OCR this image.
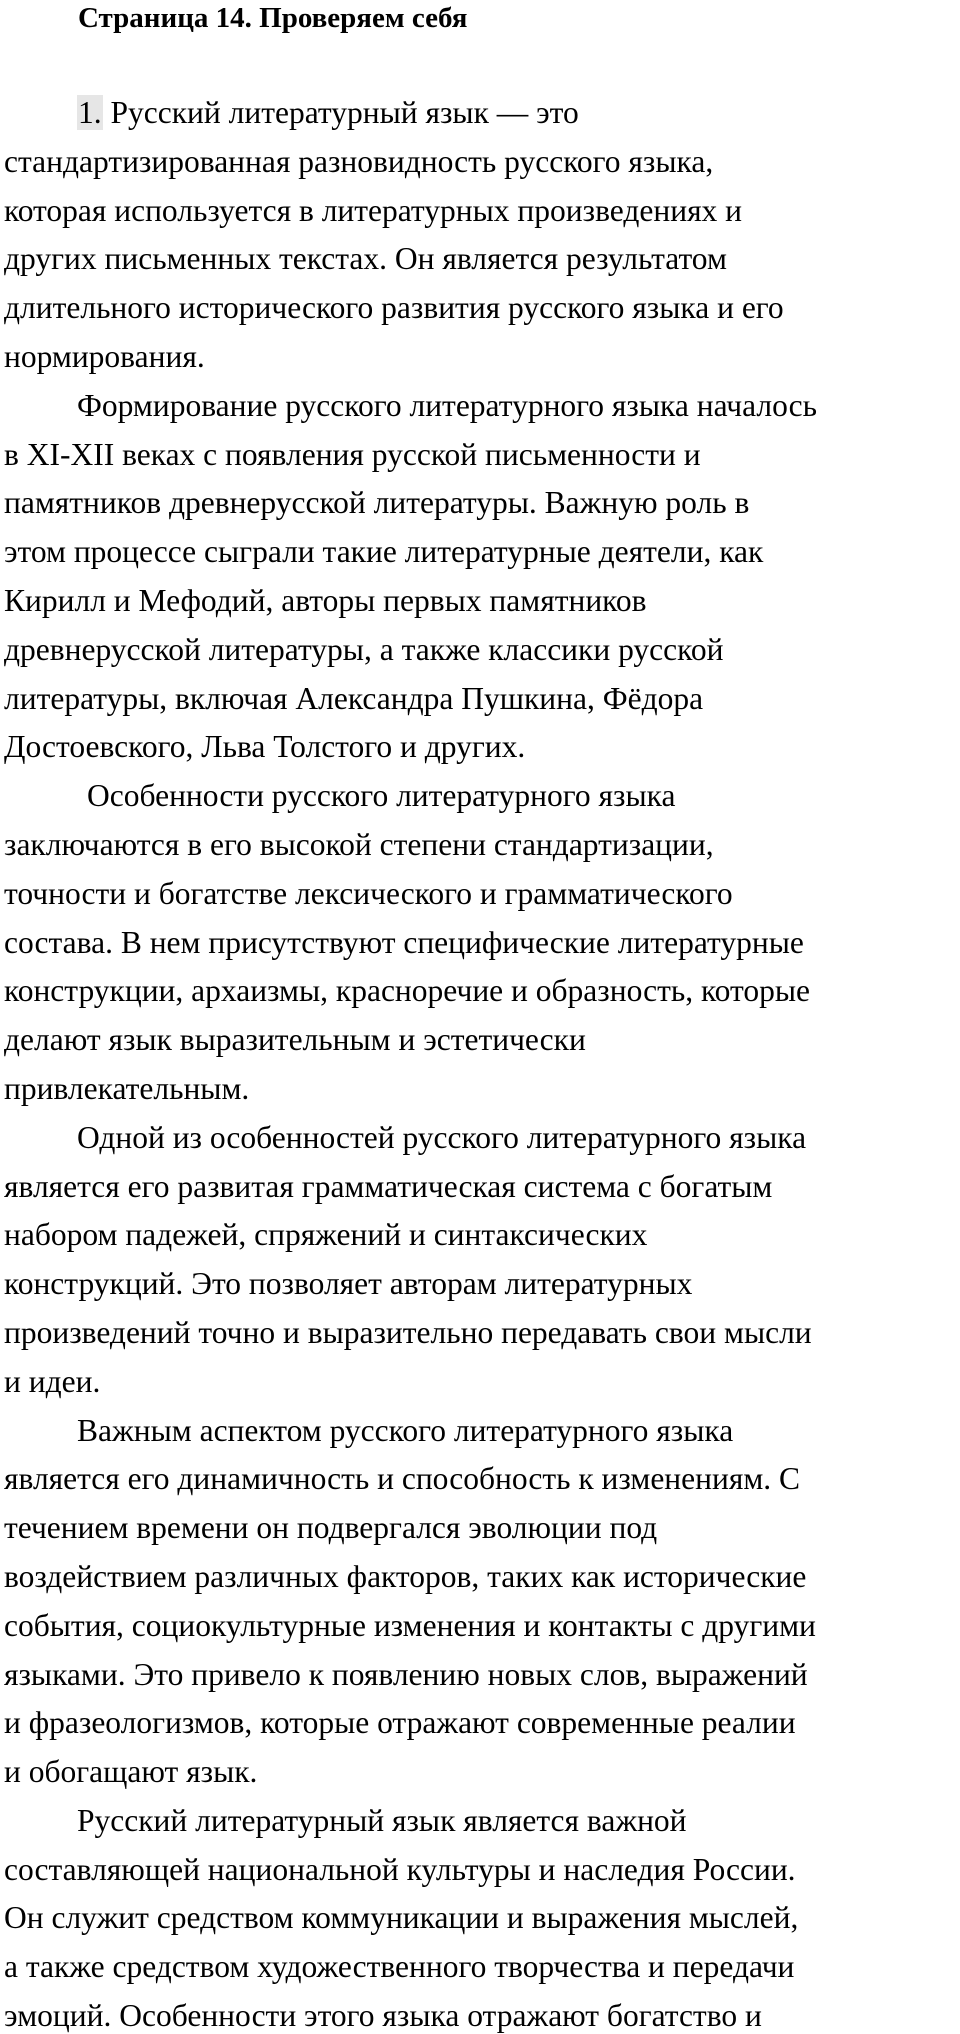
Страница 14. Проверяем себя
1. Русский литературный язык — это
стандартизированная разновидность русского языка,
которая используется в литературных произведениях и
других письменных текстах. Он является результатом
длительного исторического развития русского языка и его
нормирования.
Формирование русского литературного языка началось
в XI-XII веках с появления русской письменности и
памятников древнерусской литературы. Важную роль в
этом процессе сыграли такие литературные деятели, как
Кирилл и Мефодий, авторы первых памятников
древнерусской литературы, а также классики русской
литературы, включая Александра Пушкина, Фёдора
Достоевского, Льва Толстого и других.
Особенности русского литературного языка
заключаются в его высокой степени стандартизации,
точности и богатстве лексического и грамматического
состава. В нем присутствуют специфические литературные
конструкции, архаизмы, красноречие и образность, которые
делают язык выразительным и эстетически
привлекательным.
Одной из особенностей русского литературного языка
является его развитая грамматическая система с богатым
набором падежей, спряжений и синтаксических
конструкций. Это позволяет авторам литературных
произведений точно и выразительно передавать свои мысли
и идеи.
Важным аспектом русского литературного языка
является его динамичность и способность к изменениям. С
течением времени он подвергался эволюции под
воздействием различных факторов, таких как исторические
события, социокультурные изменения и контакты с другими
языками. Это привело к появлению новых слов, выражений
и фразеологизмов, которые отражают современные реалии
и обогащают язык.
Русский литературный язык является важной
составляющей национальной культуры и наследия России.
Он служит средством коммуникации и выражения мыслей,
а также средством художественного творчества и передачи
эмоций. Особенности этого языка отражают богатство и
